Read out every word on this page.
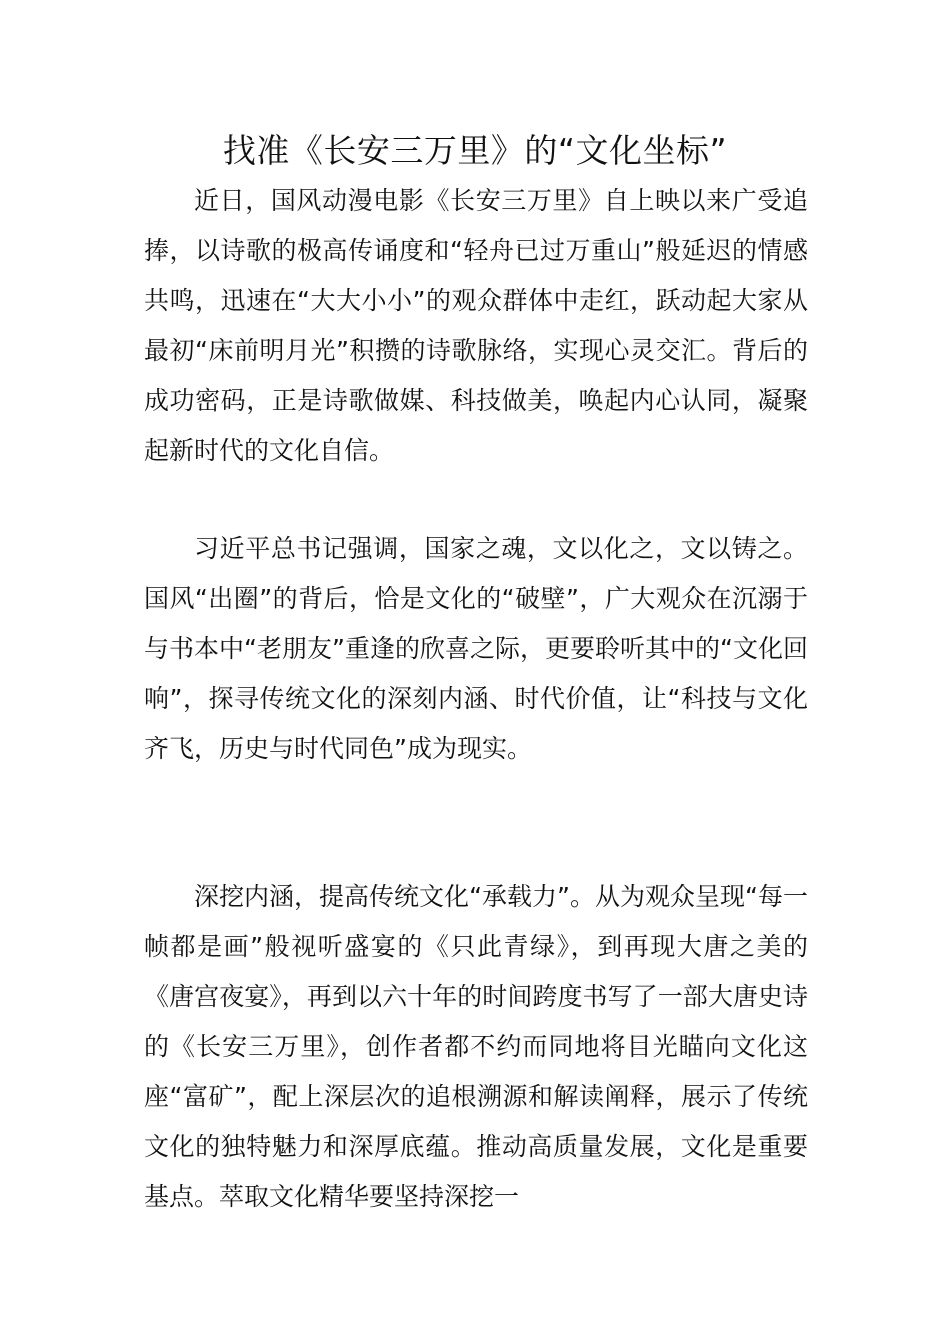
找准《长安三万里》的“文化坐标”

近日，国风动漫电影《长安三万里》自上映以来广受追捧，以诗歌的极高传诵度和“轻舟已过万重山”般延迟的情感共鸣，迅速在“大大小小”的观众群体中走红，跃动起大家从最初“床前明月光”积攒的诗歌脉络，实现心灵交汇。背后的成功密码，正是诗歌做媒、科技做美，唤起内心认同，凝聚起新时代的文化自信。

习近平总书记强调，国家之魂，文以化之，文以铸之。国风“出圈”的背后，恰是文化的“破壁”，广大观众在沉溺于与书本中“老朋友”重逢的欣喜之际，更要聆听其中的“文化回响”，探寻传统文化的深刻内涵、时代价值，让“科技与文化齐飞，历史与时代同色”成为现实。

深挖内涵，提高传统文化“承载力”。从为观众呈现“每一帧都是画”般视听盛宴的《只此青绿》，到再现大唐之美的《唐宫夜宴》，再到以六十年的时间跨度书写了一部大唐史诗的《长安三万里》，创作者都不约而同地将目光瞄向文化这座“富矿”，配上深层次的追根溯源和解读阐释，展示了传统文化的独特魅力和深厚底蕴。推动高质量发展，文化是重要基点。萃取文化精华要坚持深挖一
